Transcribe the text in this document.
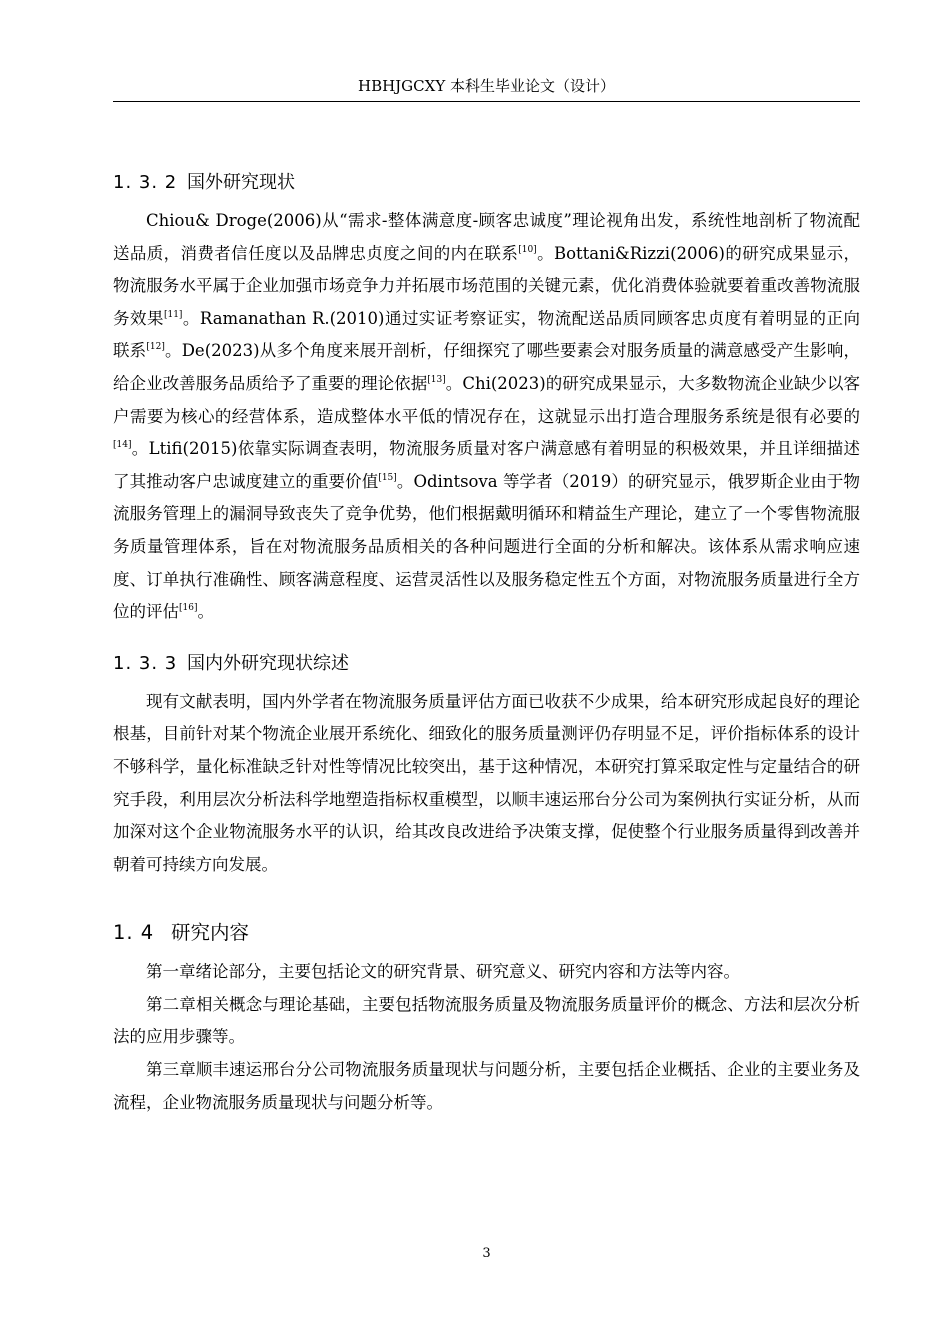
HBHJGCXY 本科生毕业论文（设计）
1. 3. 2 国外研究现状

Chiou& Droge(2006)从“需求-整体满意度-顾客忠诚度”理论视角出发，系统性地剖析了物流配送品质，消费者信任度以及品牌忠贞度之间的内在联系[10]。Bottani&Rizzi(2006)的研究成果显示，物流服务水平属于企业加强市场竞争力并拓展市场范围的关键元素，优化消费体验就要着重改善物流服务效果[11]。Ramanathan R.(2010)通过实证考察证实，物流配送品质同顾客忠贞度有着明显的正向联系[12]。De(2023)从多个角度来展开剖析，仔细探究了哪些要素会对服务质量的满意感受产生影响，给企业改善服务品质给予了重要的理论依据[13]。Chi(2023)的研究成果显示，大多数物流企业缺少以客户需要为核心的经营体系，造成整体水平低的情况存在，这就显示出打造合理服务系统是很有必要的[14]。Ltifi(2015)依靠实际调查表明，物流服务质量对客户满意感有着明显的积极效果，并且详细描述了其推动客户忠诚度建立的重要价值[15]。Odintsova 等学者（2019）的研究显示，俄罗斯企业由于物流服务管理上的漏洞导致丧失了竞争优势，他们根据戴明循环和精益生产理论，建立了一个零售物流服务质量管理体系，旨在对物流服务品质相关的各种问题进行全面的分析和解决。该体系从需求响应速度、订单执行准确性、顾客满意程度、运营灵活性以及服务稳定性五个方面，对物流服务质量进行全方位的评估[16]。

1. 3. 3 国内外研究现状综述

现有文献表明，国内外学者在物流服务质量评估方面已收获不少成果，给本研究形成起良好的理论根基，目前针对某个物流企业展开系统化、细致化的服务质量测评仍存明显不足，评价指标体系的设计不够科学，量化标准缺乏针对性等情况比较突出，基于这种情况，本研究打算采取定性与定量结合的研究手段，利用层次分析法科学地塑造指标权重模型，以顺丰速运邢台分公司为案例执行实证分析，从而加深对这个企业物流服务水平的认识，给其改良改进给予决策支撑，促使整个行业服务质量得到改善并朝着可持续方向发展。

1. 4 研究内容

第一章绪论部分，主要包括论文的研究背景、研究意义、研究内容和方法等内容。

第二章相关概念与理论基础，主要包括物流服务质量及物流服务质量评价的概念、方法和层次分析法的应用步骤等。

第三章顺丰速运邢台分公司物流服务质量现状与问题分析，主要包括企业概括、企业的主要业务及流程，企业物流服务质量现状与问题分析等。

3
